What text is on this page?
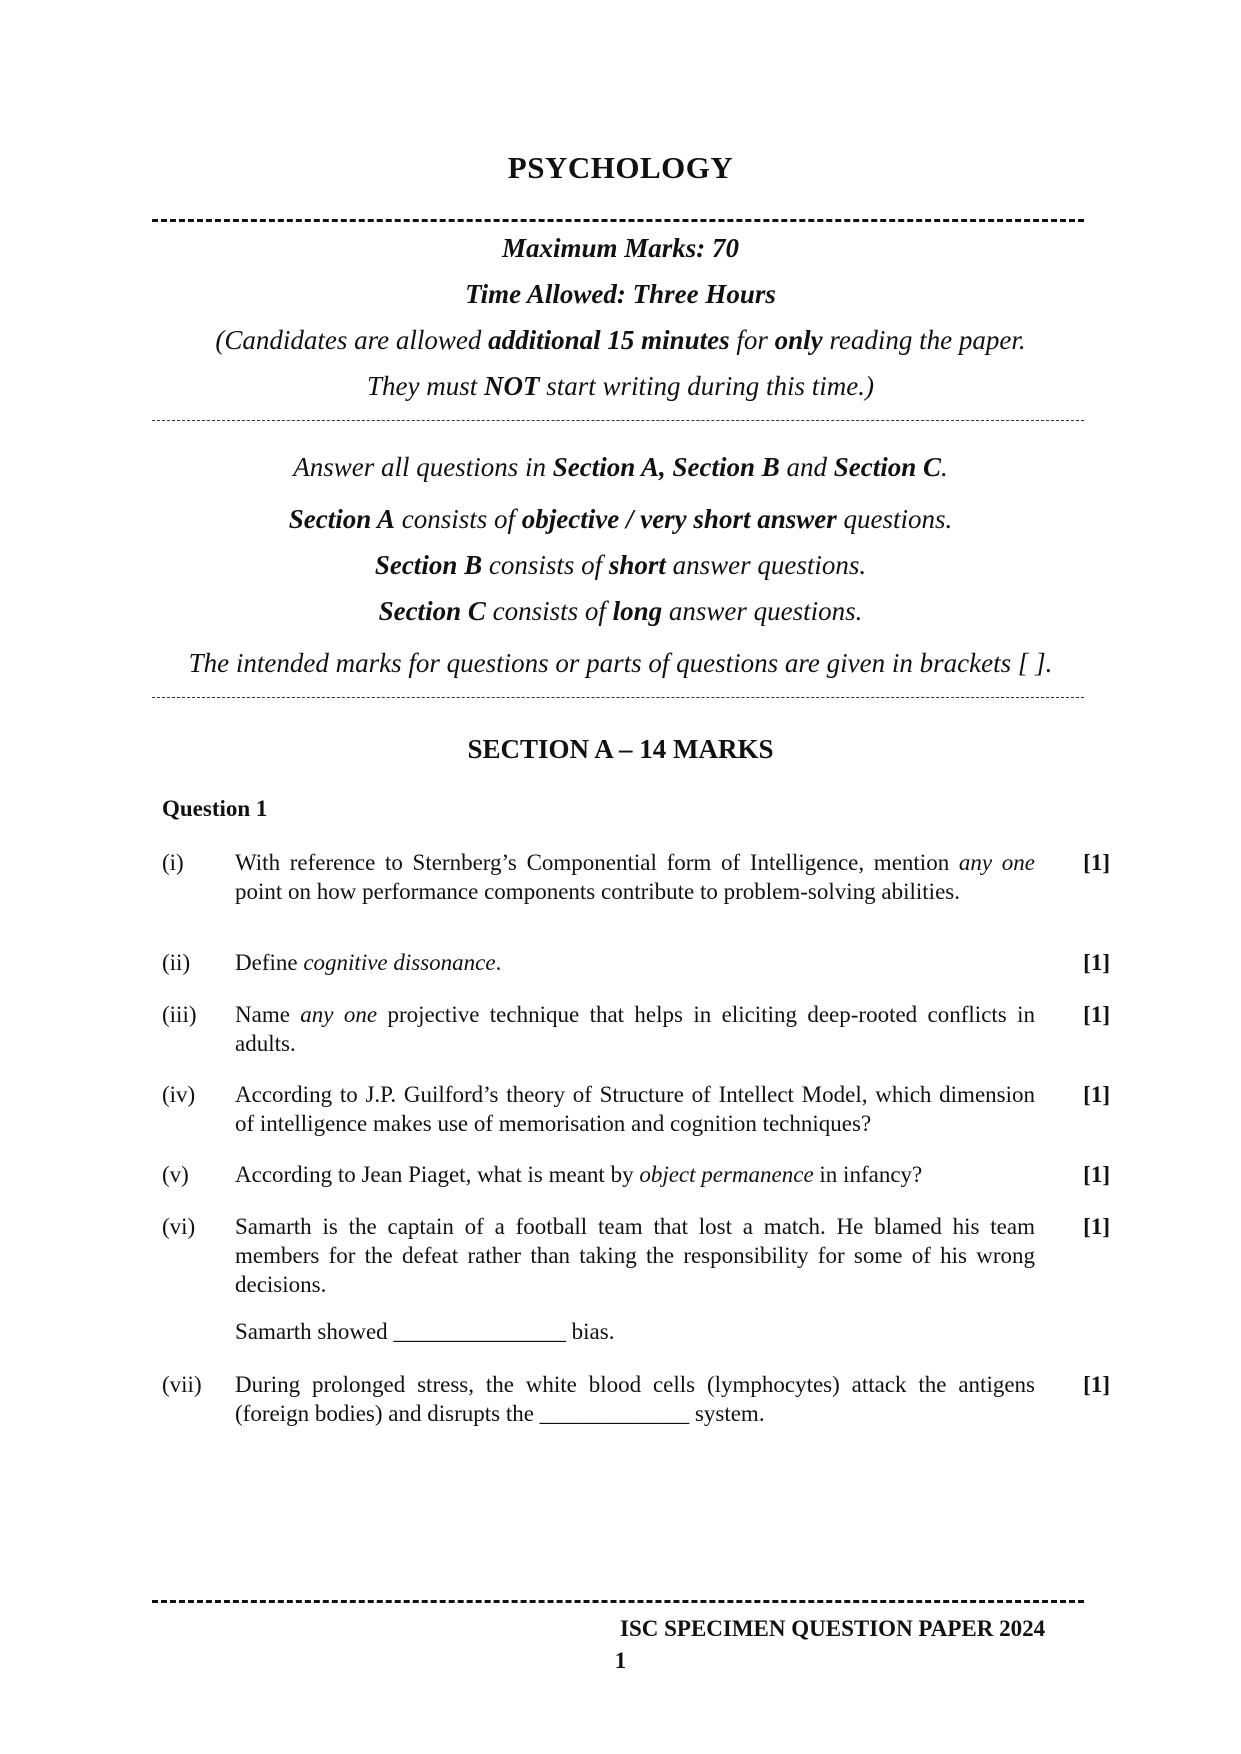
PSYCHOLOGY
Maximum Marks: 70
Time Allowed: Three Hours
(Candidates are allowed additional 15 minutes for only reading the paper.
They must NOT start writing during this time.)
Answer all questions in Section A, Section B and Section C.
Section A consists of objective / very short answer questions.
Section B consists of short answer questions.
Section C consists of long answer questions.
The intended marks for questions or parts of questions are given in brackets [ ].
SECTION A – 14 MARKS
Question 1
(i) With reference to Sternberg’s Componential form of Intelligence, mention any one point on how performance components contribute to problem-solving abilities.

[1]
(ii) Define cognitive dissonance.	[1]
(iii) Name any one projective technique that helps in eliciting deep-rooted conflicts in adults.

[1]
(iv) According to J.P. Guilford’s theory of Structure of Intellect Model, which dimension of intelligence makes use of memorisation and cognition techniques?

[1]
(v) According to Jean Piaget, what is meant by object permanence in infancy?	[1]
(vi) Samarth is the captain of a football team that lost a match. He blamed his team members for the defeat rather than taking the responsibility for some of his wrong decisions.

Samarth showed _______________ bias.

[1]
(vii) During prolonged stress, the white blood cells (lymphocytes) attack the antigens (foreign bodies) and disrupts the _____________ system.

[1]
ISC SPECIMEN QUESTION PAPER 2024
1
